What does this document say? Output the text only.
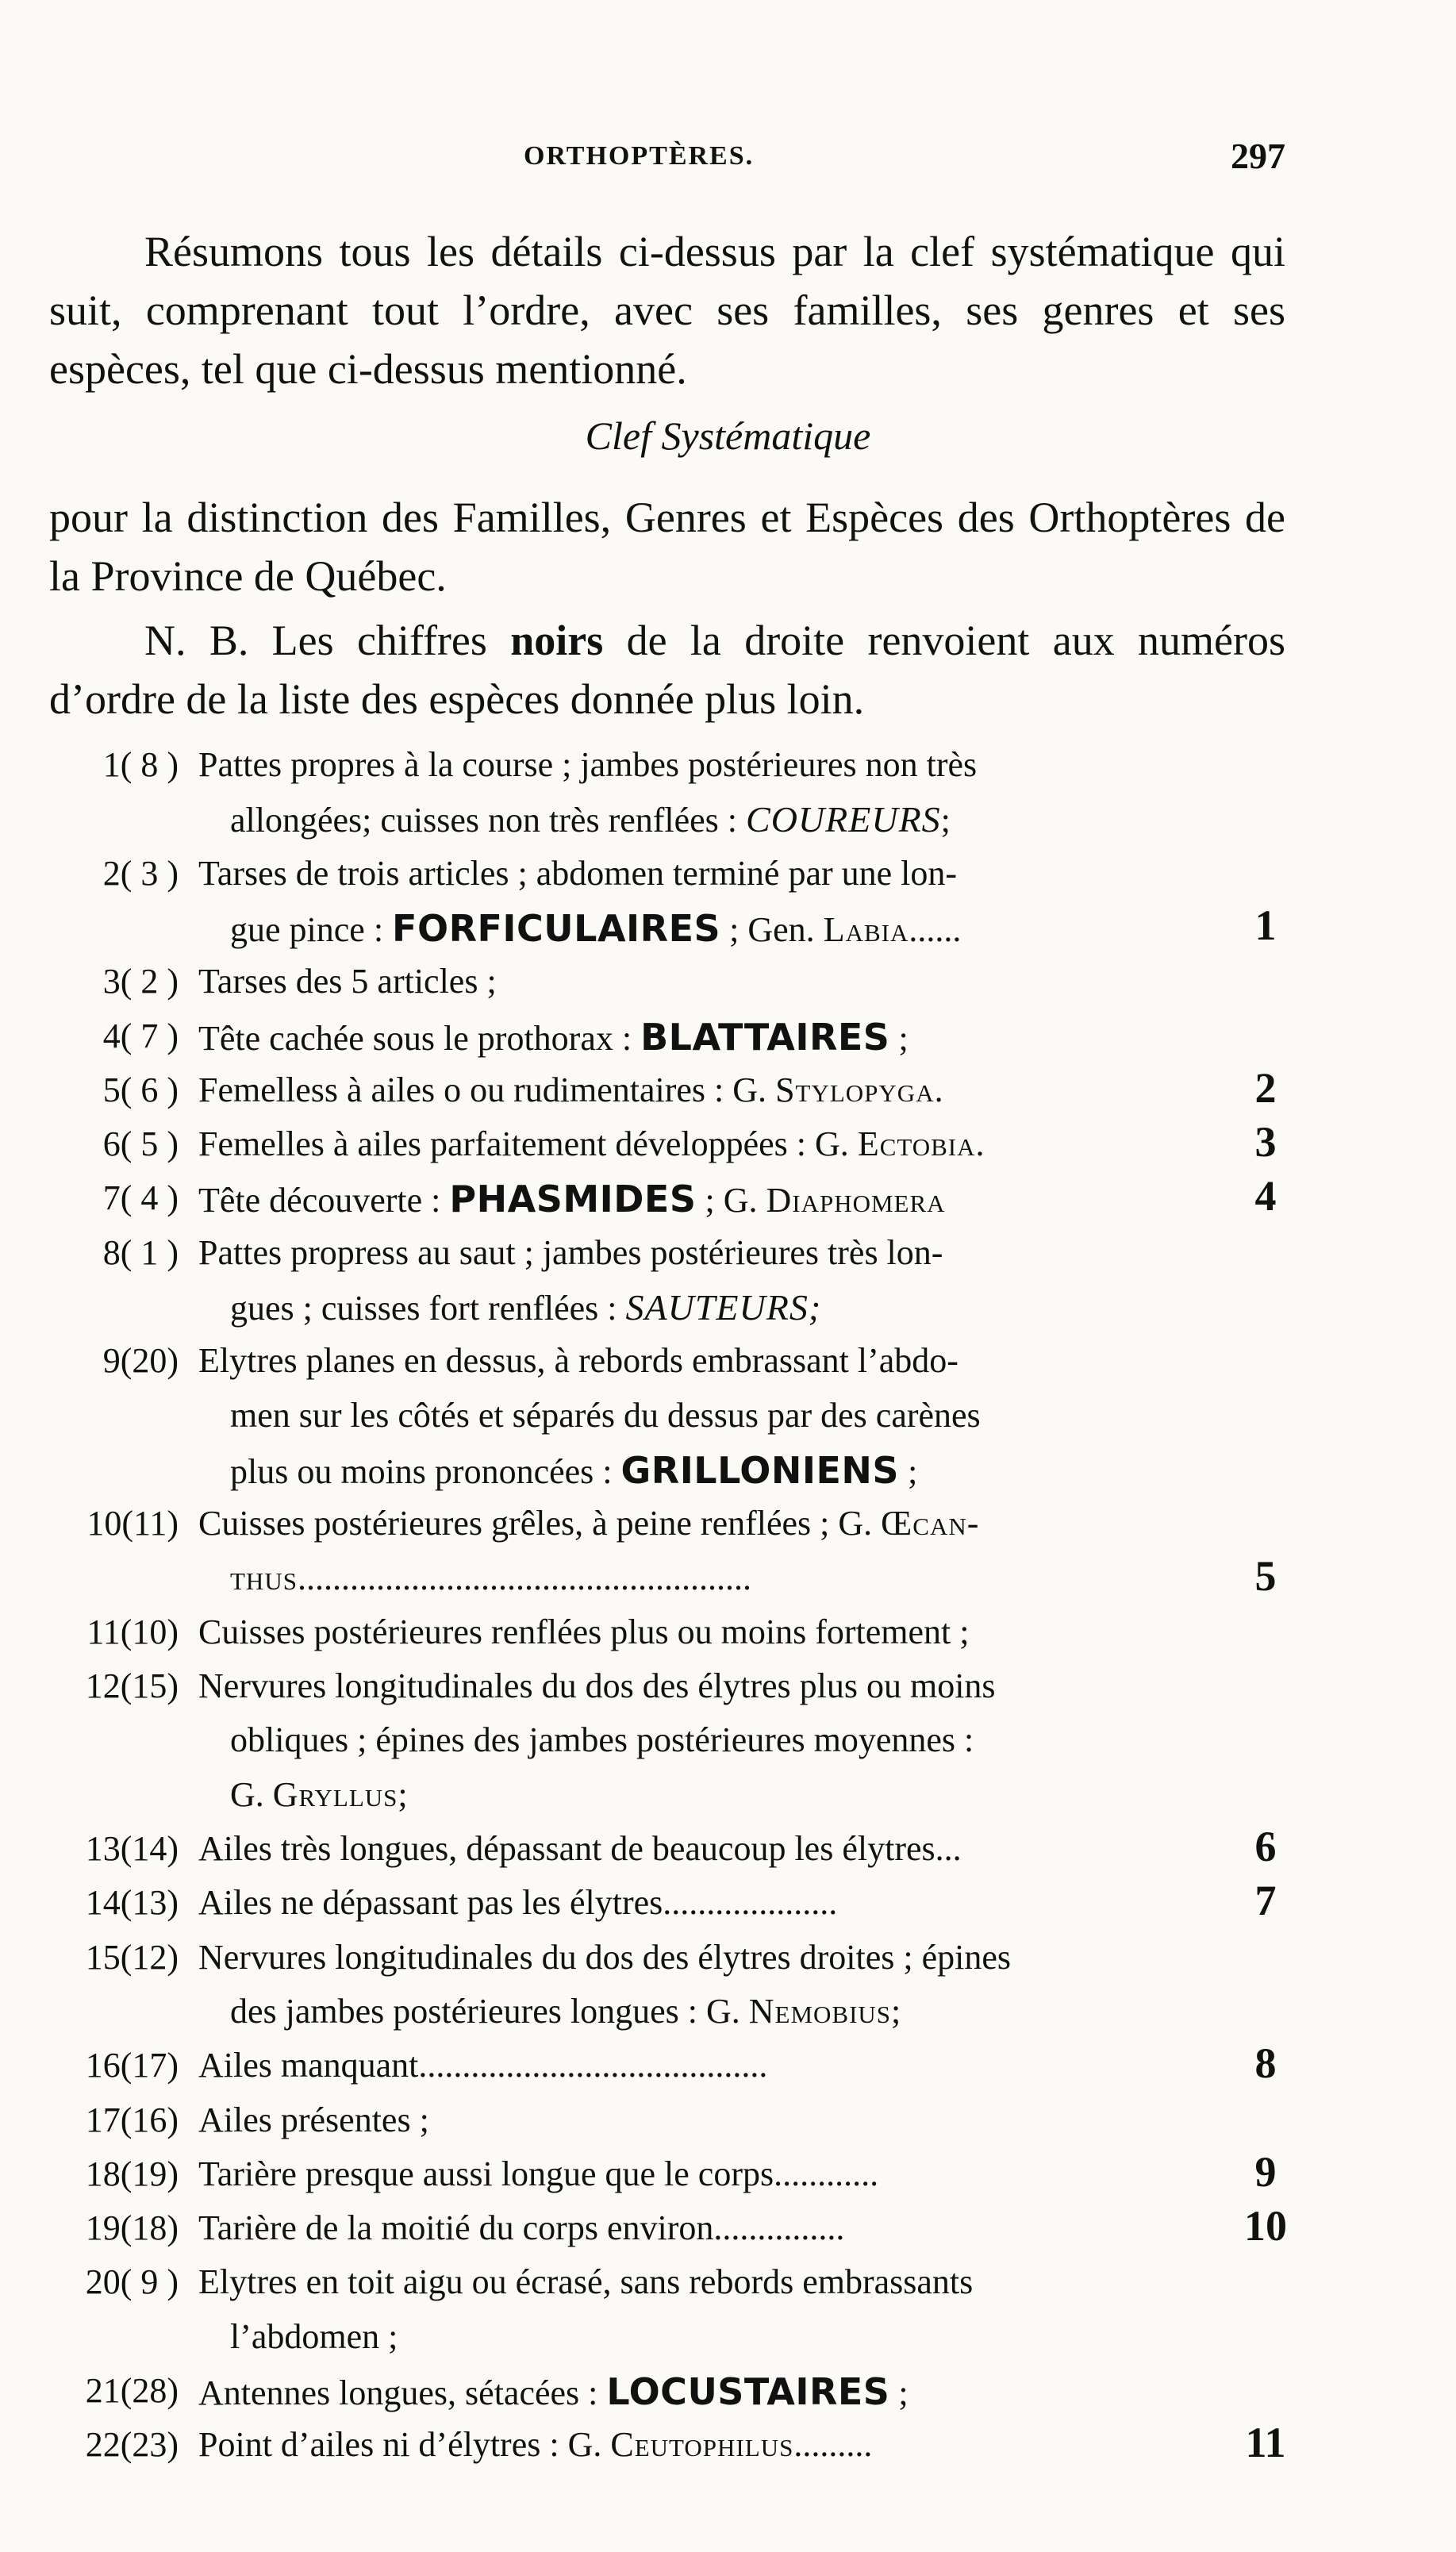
ORTHOPTÈRES.	297

Résumons tous les détails ci-dessus par la clef systématique qui suit, comprenant tout l’ordre, avec ses familles, ses genres et ses espèces, tel que ci-dessus mentionné.

Clef Systématique

pour la distinction des Familles, Genres et Espèces des Orthoptères de la Province de Québec.

N. B. Les chiffres noirs de la droite renvoient aux numéros d’ordre de la liste des espèces donnée plus loin.

1( 8 ) Pattes propres à la course ; jambes postérieures non très
allongées; cuisses non très renflées : COUREURS;
2( 3 ) Tarses de trois articles ; abdomen terminé par une lon-
gue pince : FORFICULAIRES ; Gen. Labia......	1
3( 2 ) Tarses des 5 articles ;
4( 7 ) Tête cachée sous le prothorax : BLATTAIRES ;
5( 6 ) Femelless à ailes o ou rudimentaires : G. Stylopyga.	2
6( 5 ) Femelles à ailes parfaitement développées : G. Ectobia.	3
7( 4 ) Tête découverte : PHASMIDES ; G. Diaphomera	4
8( 1 ) Pattes propress au saut ; jambes postérieures très lon-
gues ; cuisses fort renflées : SAUTEURS;
9(20) Elytres planes en dessus, à rebords embrassant l’abdo-
men sur les côtés et séparés du dessus par des carènes
plus ou moins prononcées : GRILLONIENS ;
10(11) Cuisses postérieures grêles, à peine renflées ; G. Œcan-
thus....................................................	5
11(10) Cuisses postérieures renflées plus ou moins fortement ;
12(15) Nervures longitudinales du dos des élytres plus ou moins
obliques ; épines des jambes postérieures moyennes :
G. Gryllus;
13(14) Ailes très longues, dépassant de beaucoup les élytres...	6
14(13) Ailes ne dépassant pas les élytres....................	7
15(12) Nervures longitudinales du dos des élytres droites ; épines
des jambes postérieures longues : G. Nemobius;
16(17) Ailes manquant........................................	8
17(16) Ailes présentes ;
18(19) Tarière presque aussi longue que le corps............	9
19(18) Tarière de la moitié du corps environ...............	10
20( 9 ) Elytres en toit aigu ou écrasé, sans rebords embrassants
l’abdomen ;
21(28) Antennes longues, sétacées : LOCUSTAIRES ;
22(23) Point d’ailes ni d’élytres : G. Ceutophilus.........	11
